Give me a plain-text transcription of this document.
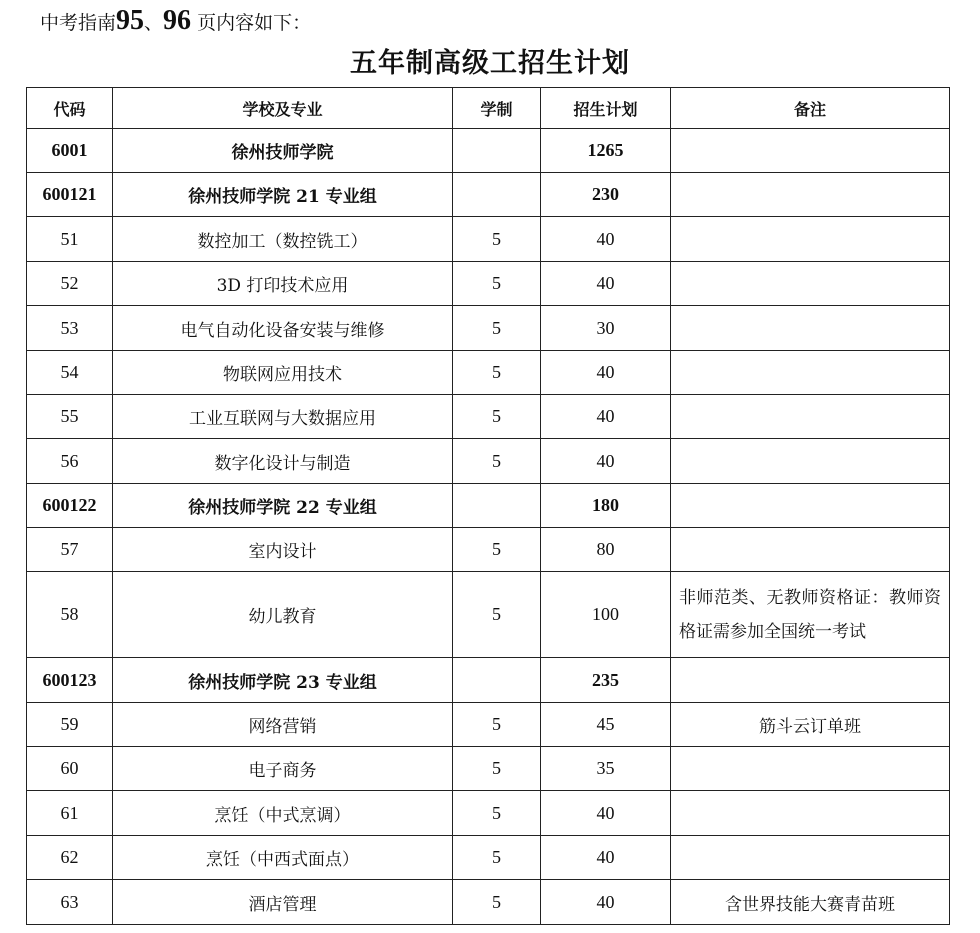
中考指南95、96 页内容如下：
五年制高级工招生计划
代码	学校及专业	学制	招生计划	备注
6001	徐州技师学院		1265	
600121	徐州技师学院 21 专业组		230	
51	数控加工（数控铣工）	5	40	
52	3D 打印技术应用	5	40	
53	电气自动化设备安装与维修	5	30	
54	物联网应用技术	5	40	
55	工业互联网与大数据应用	5	40	
56	数字化设计与制造	5	40	
600122	徐州技师学院 22 专业组		180	
57	室内设计	5	80	
58	幼儿教育	5	100	非师范类、无教师资格证：教师资格证需参加全国统一考试
600123	徐州技师学院 23 专业组		235	
59	网络营销	5	45	筋斗云订单班
60	电子商务	5	35	
61	烹饪（中式烹调）	5	40	
62	烹饪（中西式面点）	5	40	
63	酒店管理	5	40	含世界技能大赛青苗班
